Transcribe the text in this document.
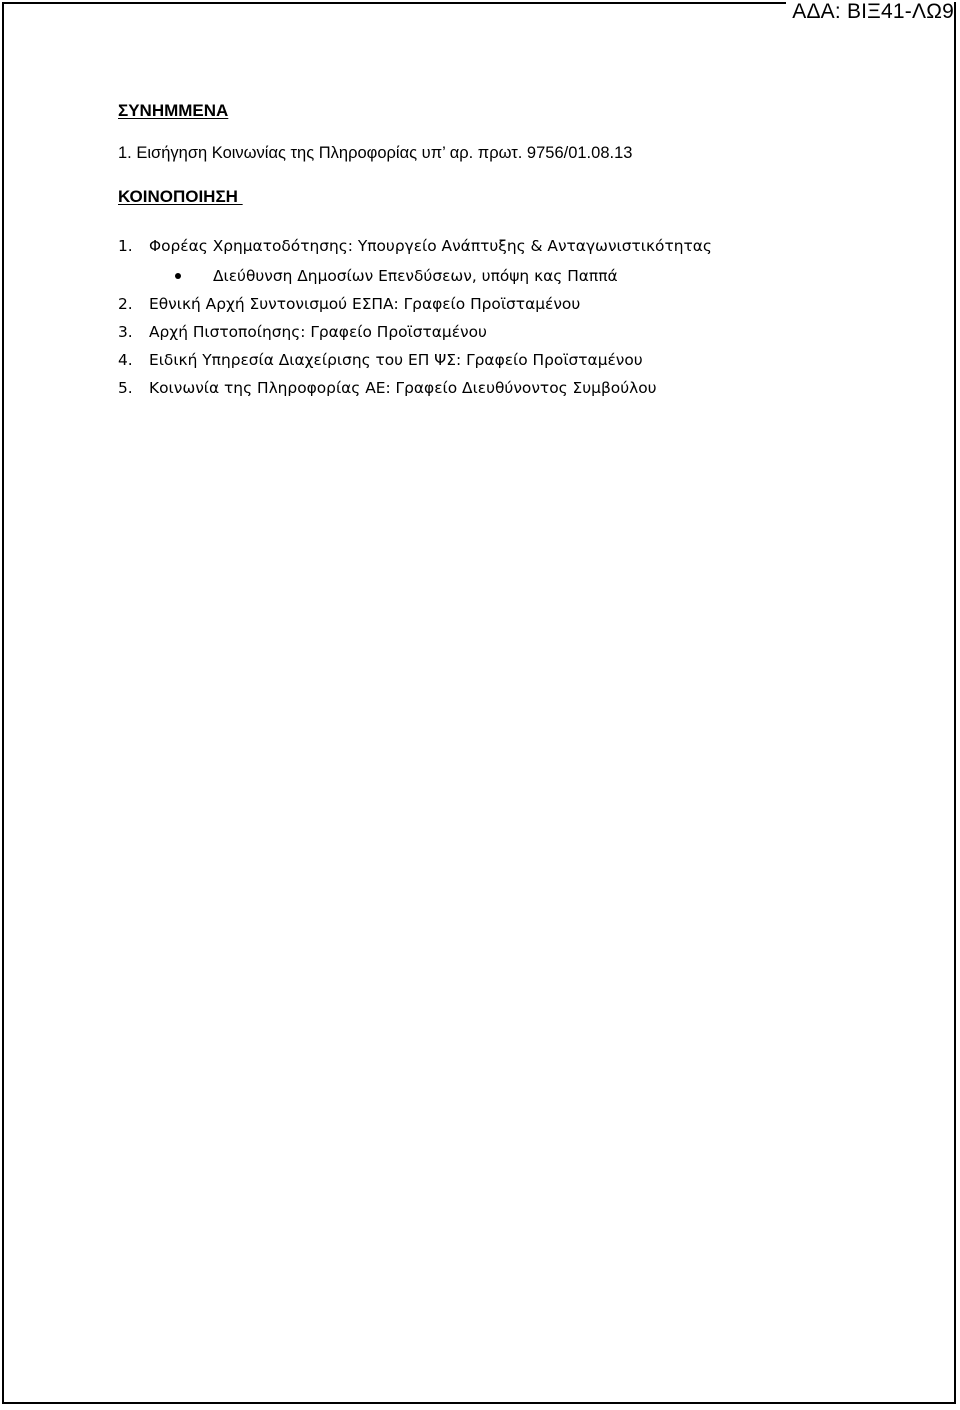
ΑΔΑ: ΒΙΞ41-ΛΩ9
ΣΥΝΗΜΜΕΝΑ
1. Εισήγηση Κοινωνίας της Πληροφορίας υπ’ αρ. πρωτ. 9756/01.08.13
ΚΟΙΝΟΠΟΙΗΣΗ
1. Φορέας Χρηματοδότησης: Υπουργείο Ανάπτυξης & Ανταγωνιστικότητας
Διεύθυνση Δημοσίων Επενδύσεων, υπόψη κας Παππά
2. Εθνική Αρχή Συντονισμού ΕΣΠΑ: Γραφείο Προϊσταμένου
3. Αρχή Πιστοποίησης: Γραφείο Προϊσταμένου
4. Ειδική Υπηρεσία Διαχείρισης του ΕΠ ΨΣ: Γραφείο Προϊσταμένου
5. Κοινωνία της Πληροφορίας ΑΕ: Γραφείο Διευθύνοντος Συμβούλου
